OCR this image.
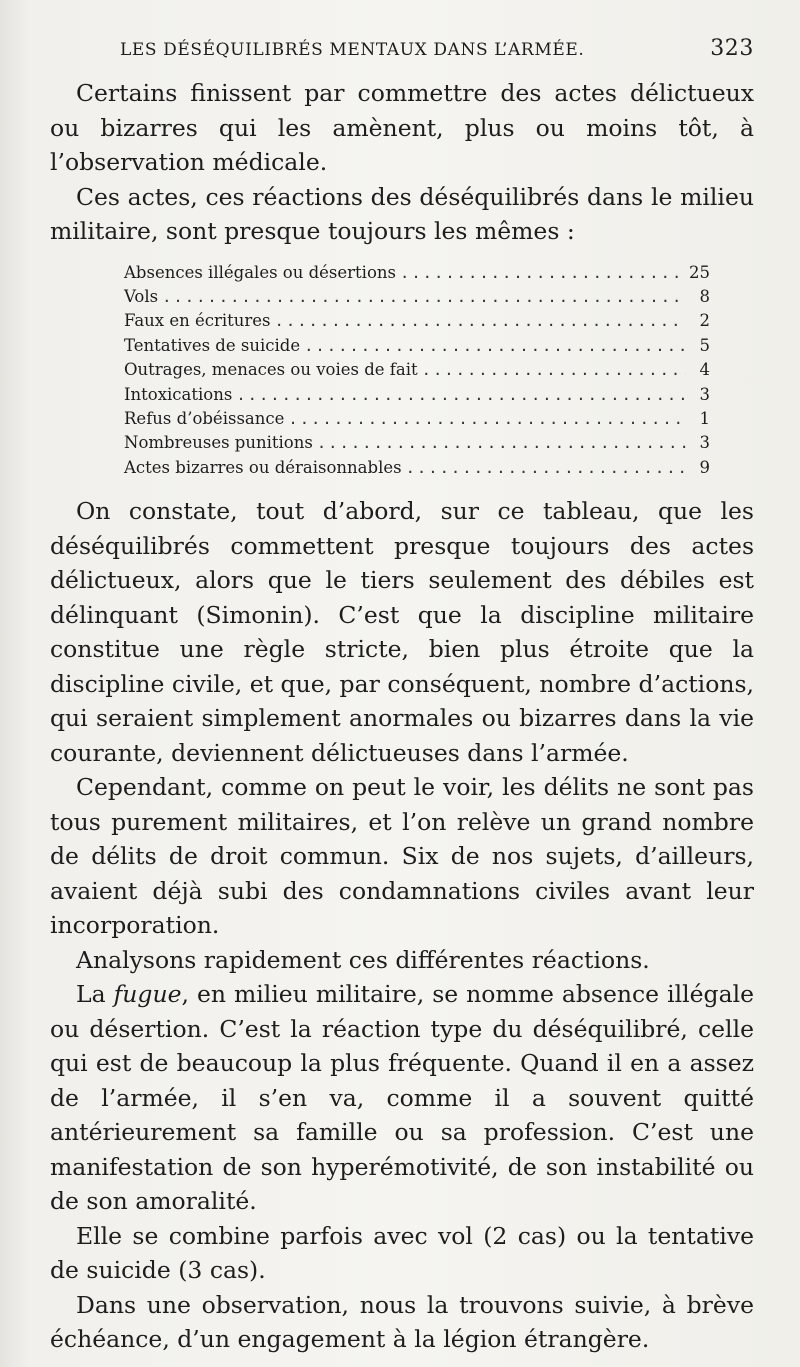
LES DÉSÉQUILIBRÉS MENTAUX DANS L’ARMÉE.	323

Certains finissent par commettre des actes délictueux ou bizarres qui les amènent, plus ou moins tôt, à l’observation médicale.

Ces actes, ces réactions des déséquilibrés dans le milieu militaire, sont presque toujours les mêmes :

Absences illégales ou désertions .....	25
Vols .....	8
Faux en écritures .....	2
Tentatives de suicide .....	5
Outrages, menaces ou voies de fait .....	4
Intoxications .....	3
Refus d’obéissance .....	1
Nombreuses punitions .....	3
Actes bizarres ou déraisonnables .....	9

On constate, tout d’abord, sur ce tableau, que les déséquilibrés commettent presque toujours des actes délictueux, alors que le tiers seulement des débiles est délinquant (Simonin). C’est que la discipline militaire constitue une règle stricte, bien plus étroite que la discipline civile, et que, par conséquent, nombre d’actions, qui seraient simplement anormales ou bizarres dans la vie courante, deviennent délictueuses dans l’armée.

Cependant, comme on peut le voir, les délits ne sont pas tous purement militaires, et l’on relève un grand nombre de délits de droit commun. Six de nos sujets, d’ailleurs, avaient déjà subi des condamnations civiles avant leur incorporation.

Analysons rapidement ces différentes réactions.

La fugue, en milieu militaire, se nomme absence illégale ou désertion. C’est la réaction type du déséquilibré, celle qui est de beaucoup la plus fréquente. Quand il en a assez de l’armée, il s’en va, comme il a souvent quitté antérieurement sa famille ou sa profession. C’est une manifestation de son hyperémotivité, de son instabilité ou de son amoralité.

Elle se combine parfois avec vol (2 cas) ou la tentative de suicide (3 cas).

Dans une observation, nous la trouvons suivie, à brève échéance, d’un engagement à la légion étrangère.
